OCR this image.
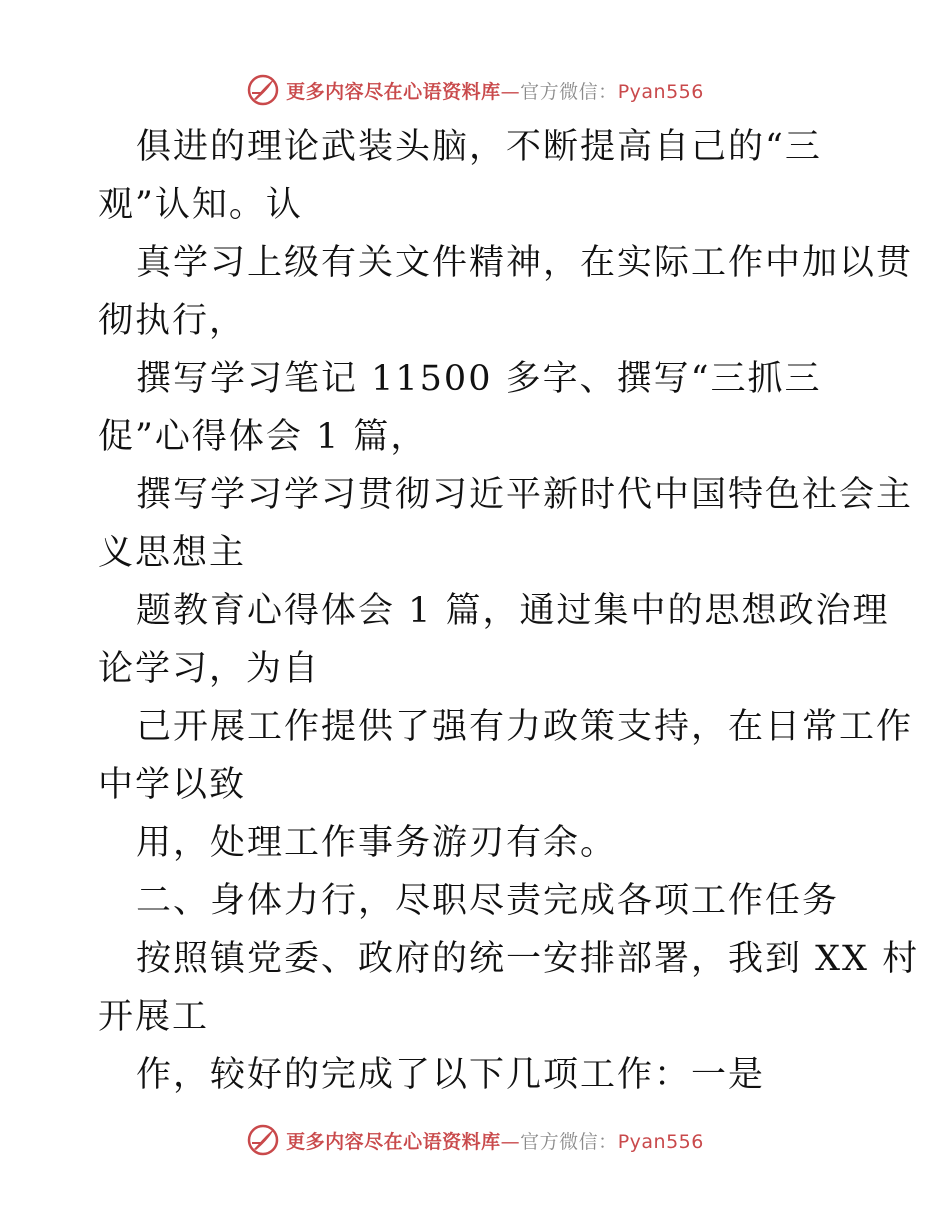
更多内容尽在心语资料库—官方微信：Pyan556
俱进的理论武装头脑，不断提高自己的“三
观”认知。认
真学习上级有关文件精神，在实际工作中加以贯
彻执行，
撰写学习笔记 11500 多字、撰写“三抓三
促”心得体会 1 篇，
撰写学习学习贯彻习近平新时代中国特色社会主
义思想主
题教育心得体会 1 篇，通过集中的思想政治理
论学习，为自
己开展工作提供了强有力政策支持，在日常工作
中学以致
用，处理工作事务游刃有余。
二、身体力行，尽职尽责完成各项工作任务
按照镇党委、政府的统一安排部署，我到 XX 村
开展工
作，较好的完成了以下几项工作：一是
更多内容尽在心语资料库—官方微信：Pyan556
